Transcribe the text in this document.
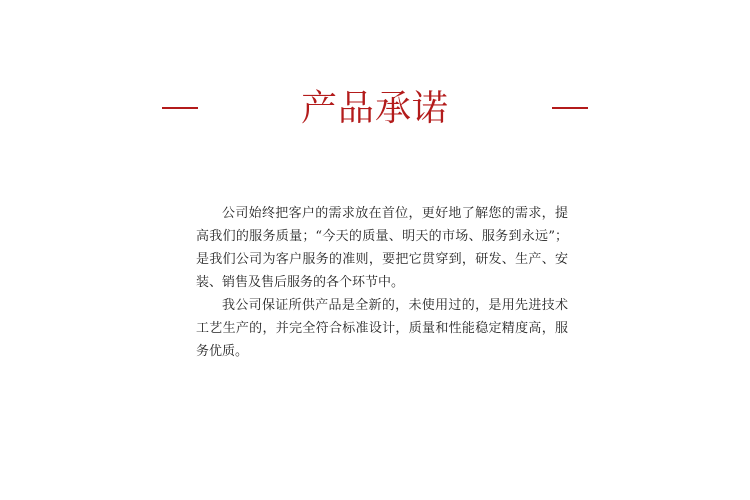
产品承诺

公司始终把客户的需求放在首位，更好地了解您的需求，提高我们的服务质量；“今天的质量、明天的市场、服务到永远”；是我们公司为客户服务的准则，要把它贯穿到，研发、生产、安装、销售及售后服务的各个环节中。

我公司保证所供产品是全新的，未使用过的，是用先进技术工艺生产的，并完全符合标准设计，质量和性能稳定精度高，服务优质。
